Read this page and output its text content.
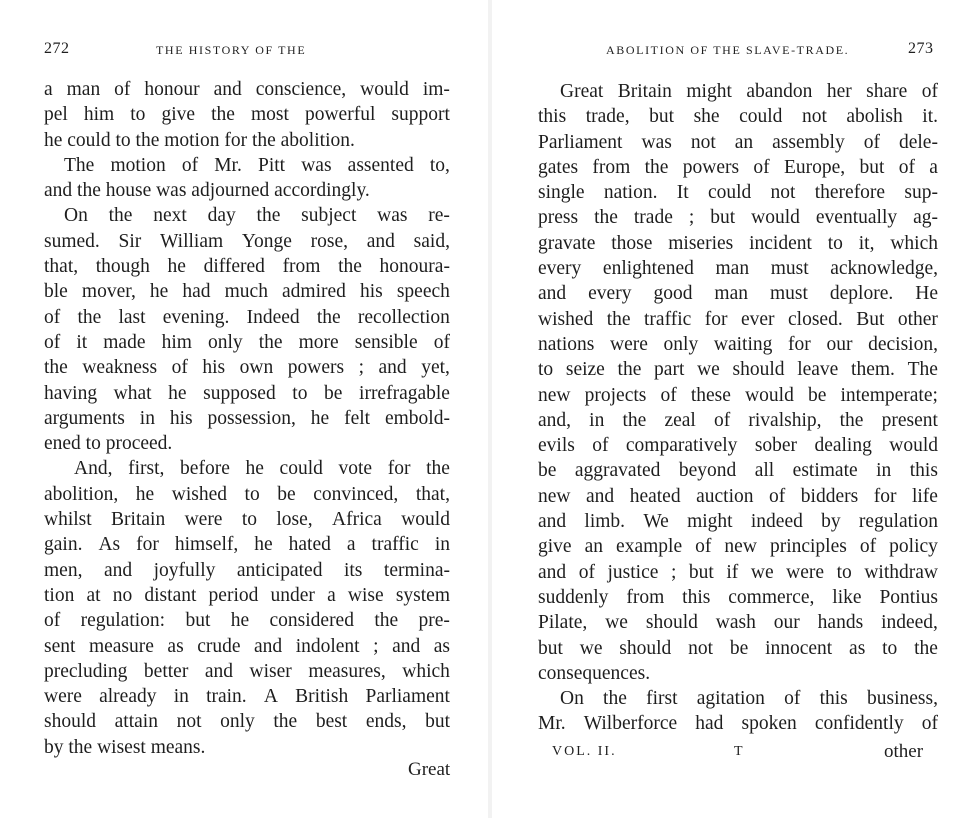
272	THE HISTORY OF THE
a man of honour and conscience, would im-
pel him to give the most powerful support
he could to the motion for the abolition.
The motion of Mr. Pitt was assented to,
and the house was adjourned accordingly.
On the next day the subject was re-
sumed. Sir William Yonge rose, and said,
that, though he differed from the honoura-
ble mover, he had much admired his speech
of the last evening. Indeed the recollection
of it made him only the more sensible of
the weakness of his own powers ; and yet,
having what he supposed to be irrefragable
arguments in his possession, he felt embold-
ened to proceed.
And, first, before he could vote for the
abolition, he wished to be convinced, that,
whilst Britain were to lose, Africa would
gain. As for himself, he hated a traffic in
men, and joyfully anticipated its termina-
tion at no distant period under a wise system
of regulation: but he considered the pre-
sent measure as crude and indolent ; and as
precluding better and wiser measures, which
were already in train. A British Parliament
should attain not only the best ends, but
by the wisest means.
Great
ABOLITION OF THE SLAVE-TRADE.	273
Great Britain might abandon her share of
this trade, but she could not abolish it.
Parliament was not an assembly of dele-
gates from the powers of Europe, but of a
single nation. It could not therefore sup-
press the trade ; but would eventually ag-
gravate those miseries incident to it, which
every enlightened man must acknowledge,
and every good man must deplore. He
wished the traffic for ever closed. But other
nations were only waiting for our decision,
to seize the part we should leave them. The
new projects of these would be intemperate;
and, in the zeal of rivalship, the present
evils of comparatively sober dealing would
be aggravated beyond all estimate in this
new and heated auction of bidders for life
and limb. We might indeed by regulation
give an example of new principles of policy
and of justice ; but if we were to withdraw
suddenly from this commerce, like Pontius
Pilate, we should wash our hands indeed,
but we should not be innocent as to the
consequences.
On the first agitation of this business,
Mr. Wilberforce had spoken confidently of
VOL. II.	T	other
